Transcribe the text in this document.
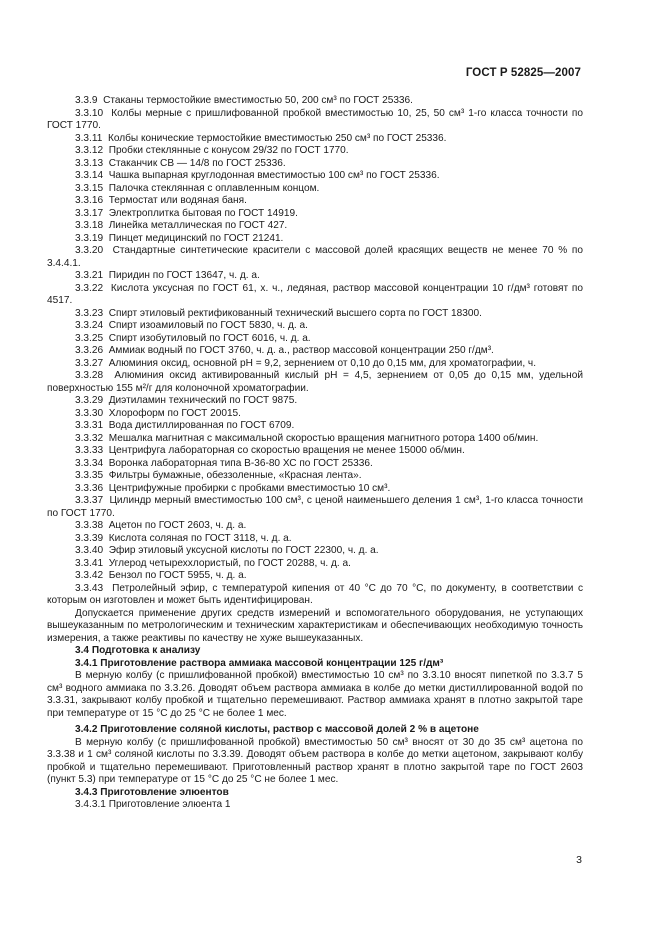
ГОСТ Р 52825—2007

3.3.9 Стаканы термостойкие вместимостью 50, 200 см³ по ГОСТ 25336.

3.3.10 Колбы мерные с пришлифованной пробкой вместимостью 10, 25, 50 см³ 1-го класса точности по ГОСТ 1770.

3.3.11 Колбы конические термостойкие вместимостью 250 см³ по ГОСТ 25336.

3.3.12 Пробки стеклянные с конусом 29/32 по ГОСТ 1770.

3.3.13 Стаканчик СВ — 14/8 по ГОСТ 25336.

3.3.14 Чашка выпарная круглодонная вместимостью 100 см³ по ГОСТ 25336.

3.3.15 Палочка стеклянная с оплавленным концом.

3.3.16 Термостат или водяная баня.

3.3.17 Электроплитка бытовая по ГОСТ 14919.

3.3.18 Линейка металлическая по ГОСТ 427.

3.3.19 Пинцет медицинский по ГОСТ 21241.

3.3.20 Стандартные синтетические красители с массовой долей красящих веществ не менее 70 % по 3.4.4.1.

3.3.21 Пиридин по ГОСТ 13647, ч. д. а.

3.3.22 Кислота уксусная по ГОСТ 61, х. ч., ледяная, раствор массовой концентрации 10 г/дм³ готовят по 4517.

3.3.23 Спирт этиловый ректификованный технический высшего сорта по ГОСТ 18300.

3.3.24 Спирт изоамиловый по ГОСТ 5830, ч. д. а.

3.3.25 Спирт изобутиловый по ГОСТ 6016, ч. д. а.

3.3.26 Аммиак водный по ГОСТ 3760, ч. д. а., раствор массовой концентрации 250 г/дм³.

3.3.27 Алюминия оксид, основной pH = 9,2, зернением от 0,10 до 0,15 мм, для хроматографии, ч.

3.3.28 Алюминия оксид активированный кислый pH = 4,5, зернением от 0,05 до 0,15 мм, удельной поверхностью 155 м²/г для колоночной хроматографии.

3.3.29 Диэтиламин технический по ГОСТ 9875.

3.3.30 Хлороформ по ГОСТ 20015.

3.3.31 Вода дистиллированная по ГОСТ 6709.

3.3.32 Мешалка магнитная с максимальной скоростью вращения магнитного ротора 1400 об/мин.

3.3.33 Центрифуга лабораторная со скоростью вращения не менее 15000 об/мин.

3.3.34 Воронка лабораторная типа В-36-80 ХС по ГОСТ 25336.

3.3.35 Фильтры бумажные, обеззоленные, «Красная лента».

3.3.36 Центрифужные пробирки с пробками вместимостью 10 см³.

3.3.37 Цилиндр мерный вместимостью 100 см³, с ценой наименьшего деления 1 см³, 1-го класса точности по ГОСТ 1770.

3.3.38 Ацетон по ГОСТ 2603, ч. д. а.

3.3.39 Кислота соляная по ГОСТ 3118, ч. д. а.

3.3.40 Эфир этиловый уксусной кислоты по ГОСТ 22300, ч. д. а.

3.3.41 Углерод четыреххлористый, по ГОСТ 20288, ч. д. а.

3.3.42 Бензол по ГОСТ 5955, ч. д. а.

3.3.43 Петролейный эфир, с температурой кипения от 40 °С до 70 °С, по документу, в соответствии с которым он изготовлен и может быть идентифицирован.

Допускается применение других средств измерений и вспомогательного оборудования, не уступающих вышеуказанным по метрологическим и техническим характеристикам и обеспечивающих необходимую точность измерения, а также реактивы по качеству не хуже вышеуказанных.

3.4 Подготовка к анализу

3.4.1 Приготовление раствора аммиака массовой концентрации 125 г/дм³

В мерную колбу (с пришлифованной пробкой) вместимостью 10 см³ по 3.3.10 вносят пипеткой по 3.3.7 5 см³ водного аммиака по 3.3.26. Доводят объем раствора аммиака в колбе до метки дистиллированной водой по 3.3.31, закрывают колбу пробкой и тщательно перемешивают. Раствор аммиака хранят в плотно закрытой таре при температуре от 15 °С до 25 °С не более 1 мес.

3.4.2 Приготовление соляной кислоты, раствор с массовой долей 2 % в ацетоне

В мерную колбу (с пришлифованной пробкой) вместимостью 50 см³ вносят от 30 до 35 см³ ацетона по 3.3.38 и 1 см³ соляной кислоты по 3.3.39. Доводят объем раствора в колбе до метки ацетоном, закрывают колбу пробкой и тщательно перемешивают. Приготовленный раствор хранят в плотно закрытой таре по ГОСТ 2603 (пункт 5.3) при температуре от 15 °С до 25 °С не более 1 мес.

3.4.3 Приготовление элюентов

3.4.3.1 Приготовление элюента 1

3
